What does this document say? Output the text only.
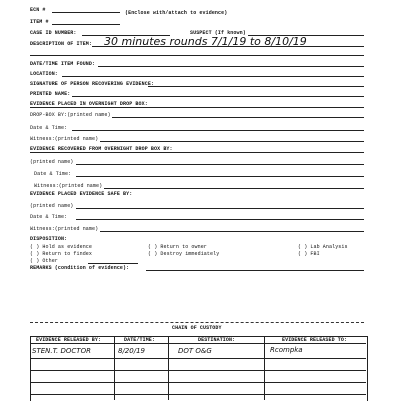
ECN #	(Enclose with/attach to evidence)
ITEM #
CASE ID NUMBER:	SUSPECT (If known)
DESCRIPTION OF ITEM: 30 minutes rounds 7/1/19 to 8/10/19
DATE/TIME ITEM FOUND:
LOCATION:
SIGNATURE OF PERSON RECOVERING EVIDENCE:
PRINTED NAME:
EVIDENCE PLACED IN OVERNIGHT DROP BOX:
DROP-BOX BY:(printed name)
Date & Time:
Witness:(printed name)
EVIDENCE RECOVERED FROM OVERNIGHT DROP BOX BY:
(printed name)
Date & Time:
Witness:(printed name)
EVIDENCE PLACED EVIDENCE SAFE BY:
(printed name)
Date & Time:
Witness:(printed name)
DISPOSITION:
( ) Hold as evidence
( ) Return to findex
( ) Other
( ) Return to owner
( ) Destroy immediately
( ) Lab Analysis
( ) FBI
REMARKS (condition of evidence):
CHAIN OF CUSTODY
EVIDENCE RELEASED BY:	DATE/TIME:	DESTINATION:	EVIDENCE RELEASED TO:
STEN.T. DOCTOR	8/20/19	DOT O&G	Rcompka
